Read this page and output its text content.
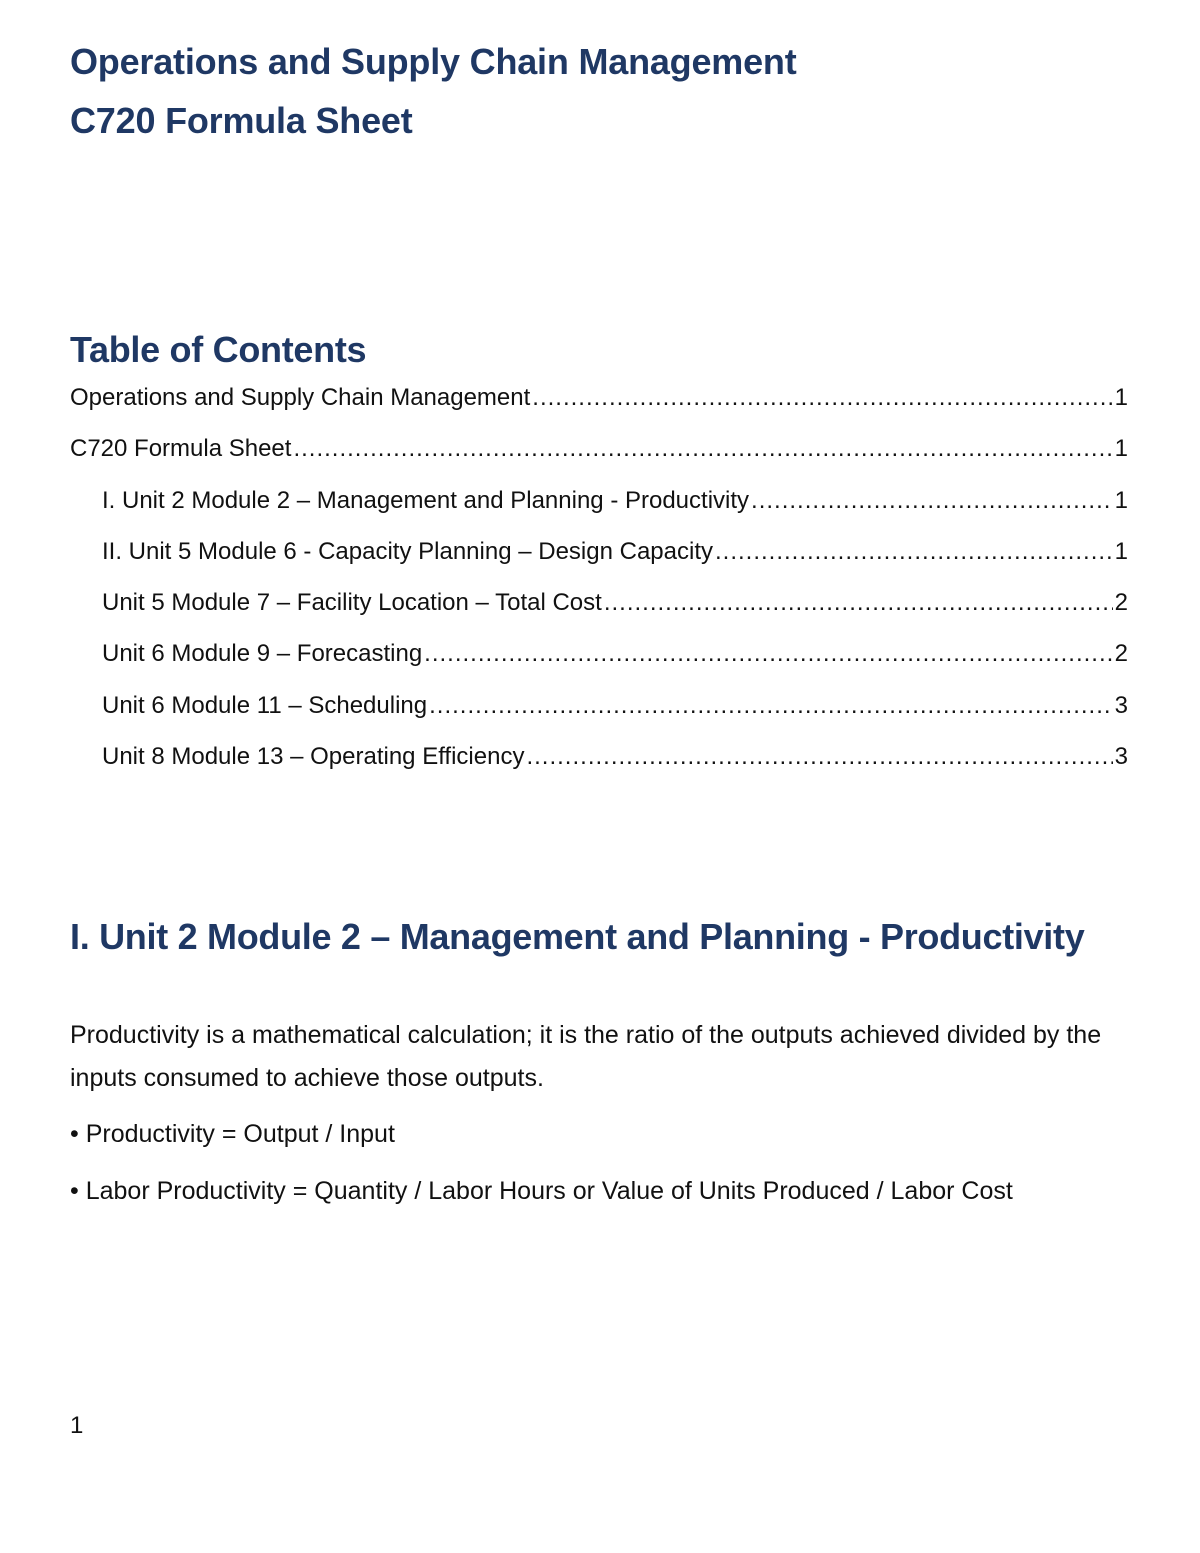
Operations and Supply Chain Management
C720 Formula Sheet
Table of Contents
Operations and Supply Chain Management .....	1
C720 Formula Sheet .....	1
I. Unit 2 Module 2 – Management and Planning - Productivity .....	1
II. Unit 5 Module 6 - Capacity Planning – Design Capacity .....	1
Unit 5 Module 7 – Facility Location – Total Cost .....	2
Unit 6 Module 9 – Forecasting .....	2
Unit 6 Module 11 – Scheduling .....	3
Unit 8 Module 13 – Operating Efficiency .....	3
I. Unit 2 Module 2 – Management and Planning - Productivity
Productivity is a mathematical calculation; it is the ratio of the outputs achieved divided by the inputs consumed to achieve those outputs.
• Productivity = Output / Input
• Labor Productivity = Quantity / Labor Hours or Value of Units Produced / Labor Cost
1
